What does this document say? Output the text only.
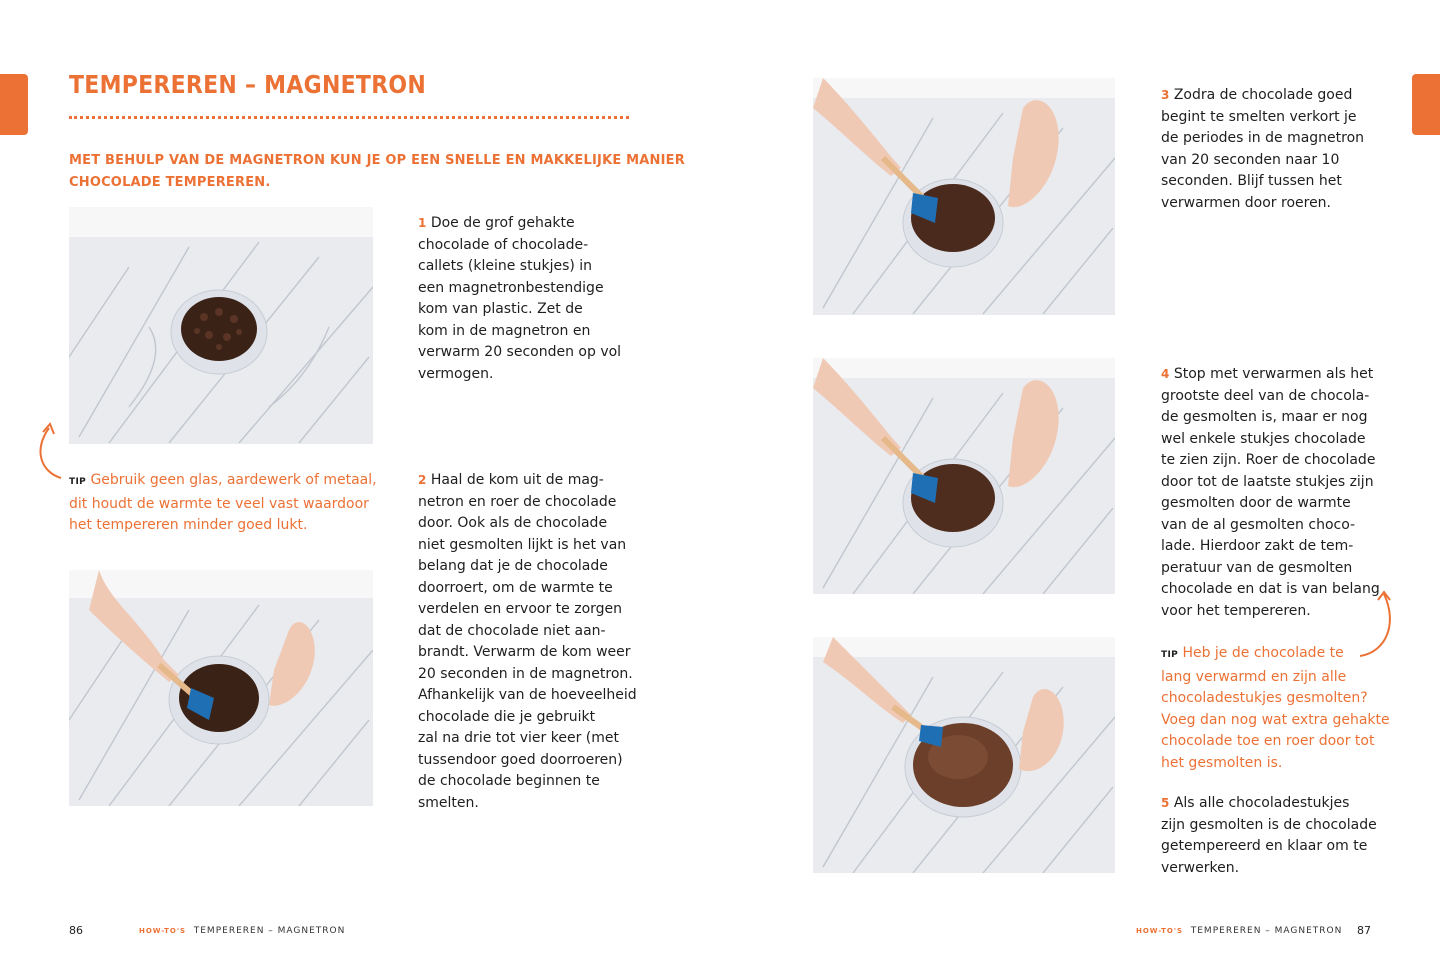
TEMPEREREN – MAGNETRON
MET BEHULP VAN DE MAGNETRON KUN JE OP EEN SNELLE EN MAKKELIJKE MANIER
CHOCOLADE TEMPEREREN.
1 Doe de grof gehakte
chocolade of chocolade-
callets (kleine stukjes) in
een magnetronbestendige
kom van plastic. Zet de
kom in de magnetron en
verwarm 20 seconden op vol
vermogen.
TIP Gebruik geen glas, aardewerk of metaal,
dit houdt de warmte te veel vast waardoor
het tempereren minder goed lukt.
2 Haal de kom uit de mag-
netron en roer de chocolade
door. Ook als de chocolade
niet gesmolten lijkt is het van
belang dat je de chocolade
doorroert, om de warmte te
verdelen en ervoor te zorgen
dat de chocolade niet aan-
brandt. Verwarm de kom weer
20 seconden in de magnetron.
Afhankelijk van de hoeveelheid
chocolade die je gebruikt
zal na drie tot vier keer (met
tussendoor goed doorroeren)
de chocolade beginnen te
smelten.
86	HOW-TO'S TEMPEREREN – MAGNETRON
3 Zodra de chocolade goed
begint te smelten verkort je
de periodes in de magnetron
van 20 seconden naar 10
seconden. Blijf tussen het
verwarmen door roeren.
4 Stop met verwarmen als het
grootste deel van de chocola-
de gesmolten is, maar er nog
wel enkele stukjes chocolade
te zien zijn. Roer de chocolade
door tot de laatste stukjes zijn
gesmolten door de warmte
van de al gesmolten choco-
lade. Hierdoor zakt de tem-
peratuur van de gesmolten
chocolade en dat is van belang
voor het tempereren.
TIP Heb je de chocolade te
lang verwarmd en zijn alle
chocoladestukjes gesmolten?
Voeg dan nog wat extra gehakte
chocolade toe en roer door tot
het gesmolten is.
5 Als alle chocoladestukjes
zijn gesmolten is de chocolade
getempereerd en klaar om te
verwerken.
HOW-TO'S TEMPEREREN – MAGNETRON 87
